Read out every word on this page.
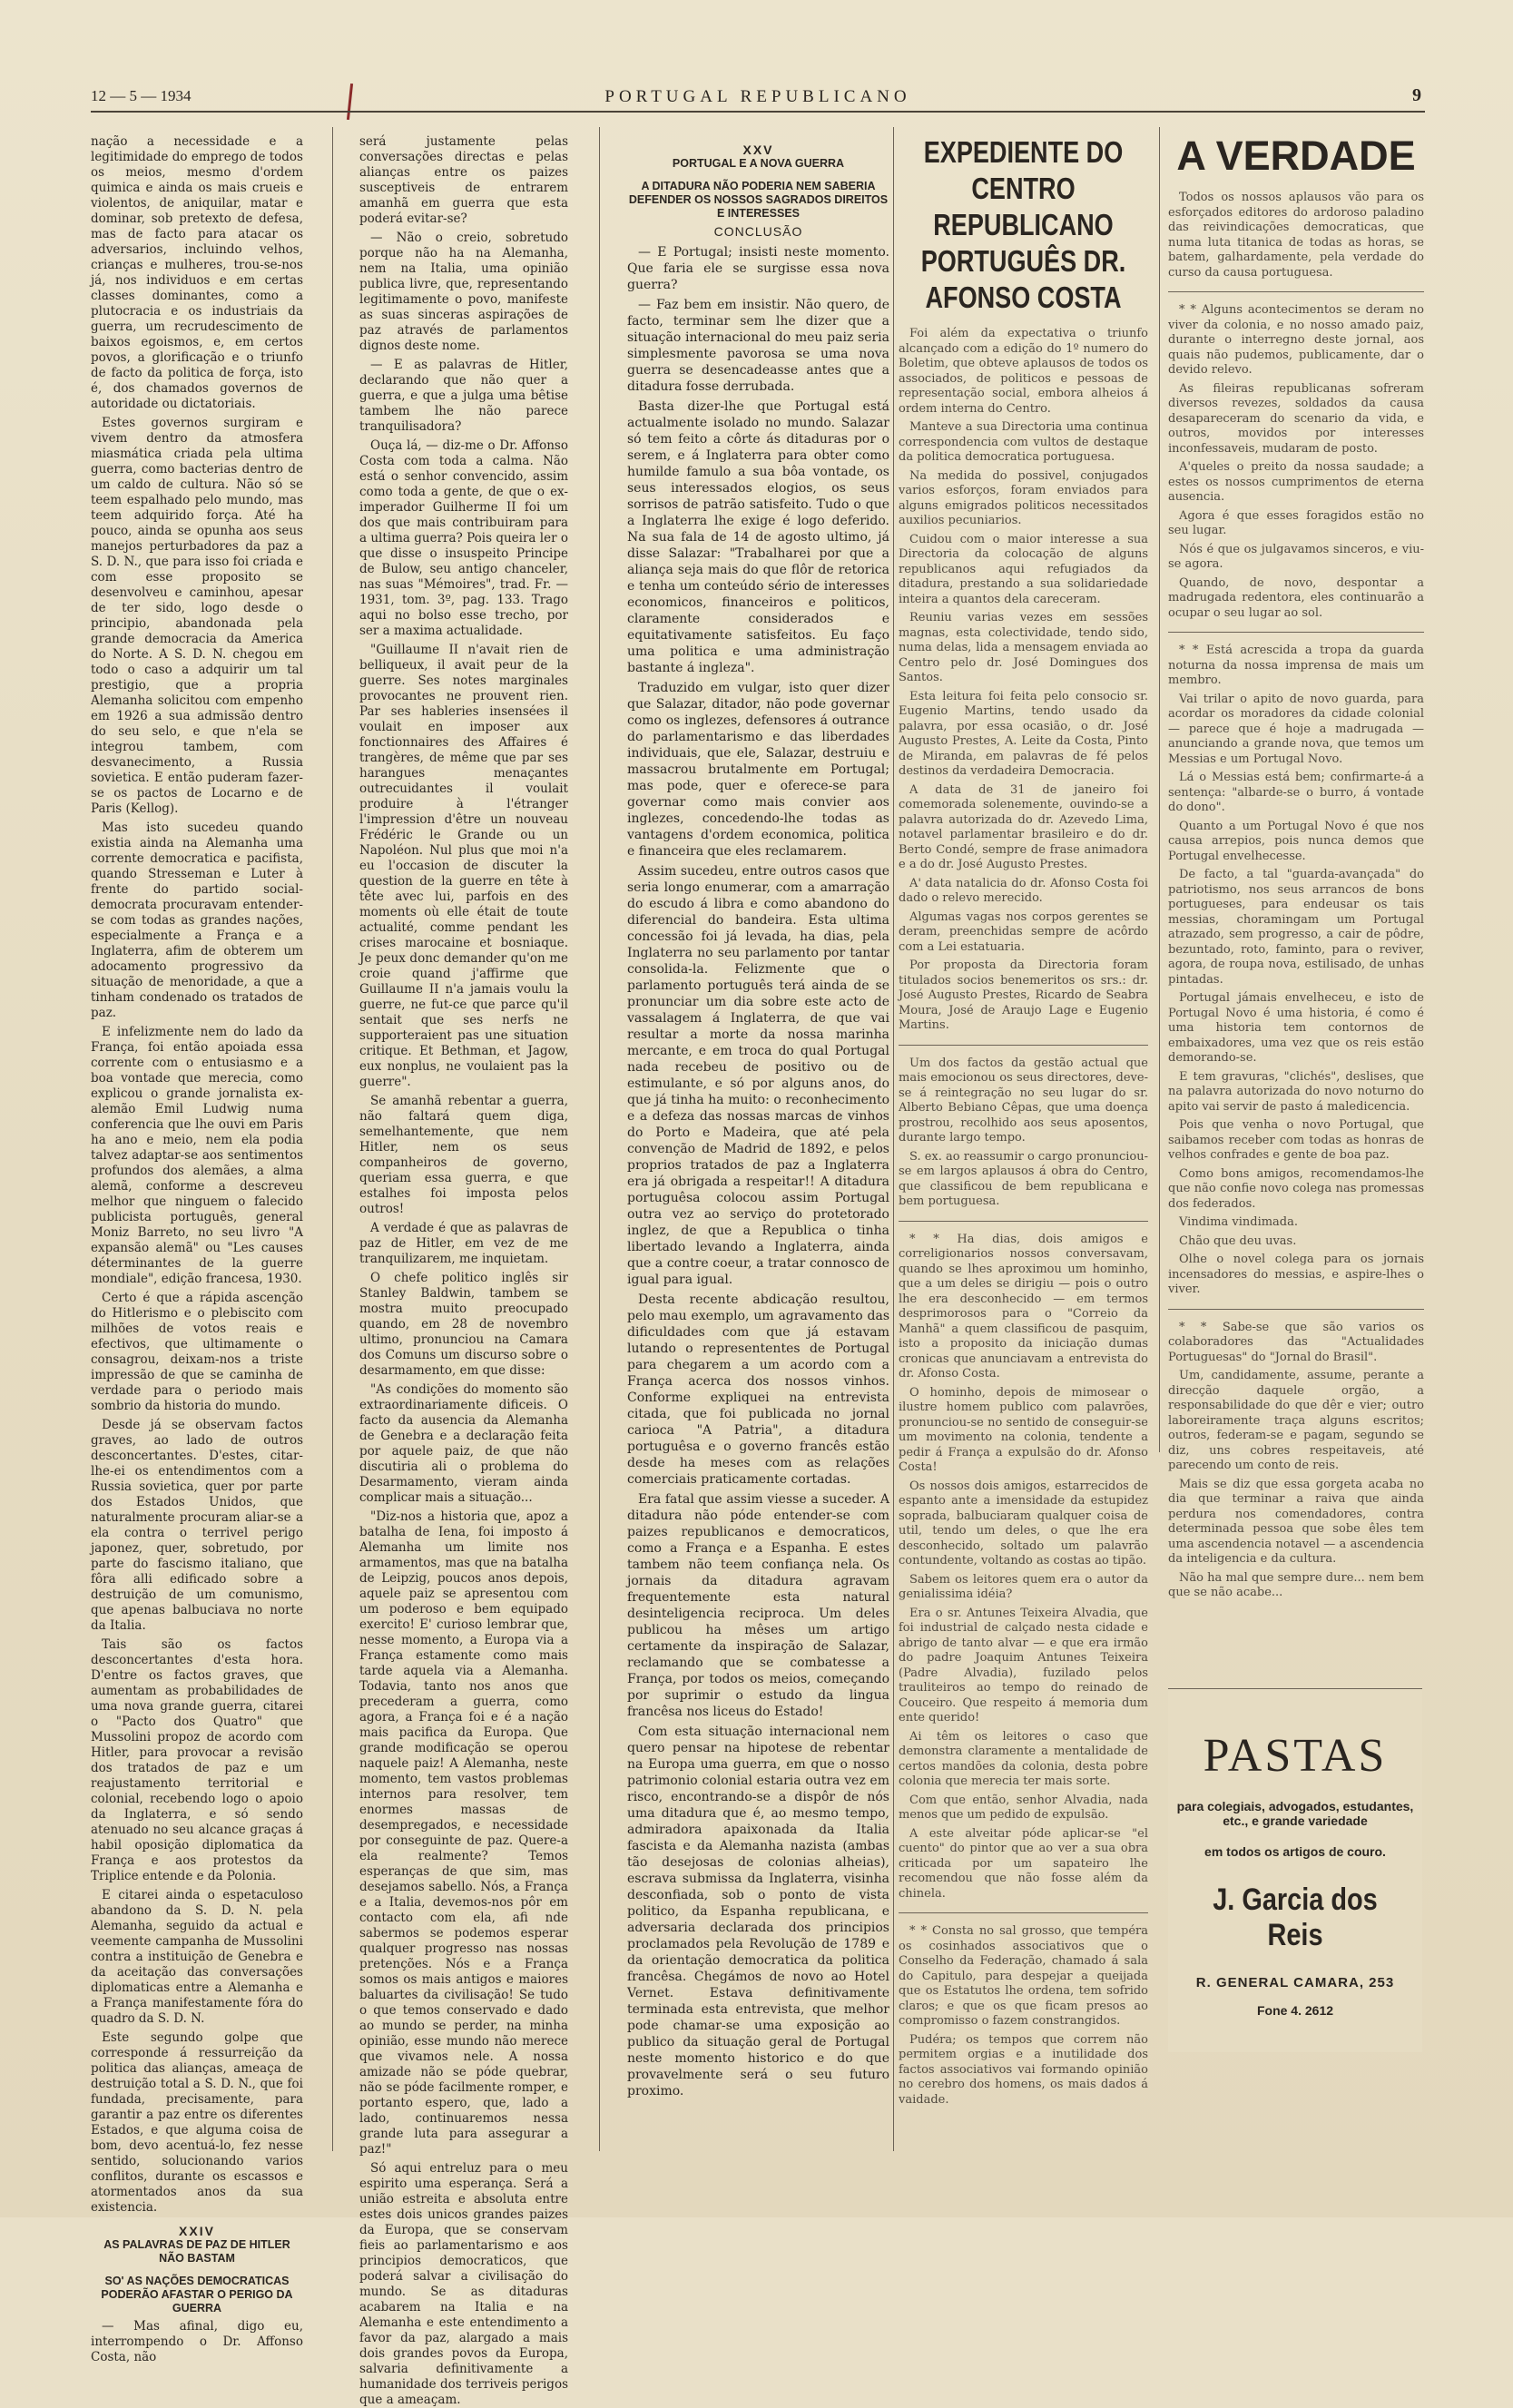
12 — 5 — 1934	PORTUGAL REPUBLICANO	9

nação a necessidade e a legitimidade do emprego de todos os meios, mesmo d'ordem quimica e ainda os mais crueis e violentos, de aniquilar, matar e dominar, sob pretexto de defesa, mas de facto para atacar os adversarios, incluindo velhos, crianças e mulheres, trou-se-nos já, nos individuos e em certas classes dominantes, como a plutocracia e os industriais da guerra, um recrudescimento de baixos egoismos, e, em certos povos, a glorificação e o triunfo de facto da politica de força, isto é, dos chamados governos de autoridade ou dictatoriais.

Estes governos surgiram e vivem dentro da atmosfera miasmática criada pela ultima guerra, como bacterias dentro de um caldo de cultura. Não só se teem espalhado pelo mundo, mas teem adquirido força. Até ha pouco, ainda se opunha aos seus manejos perturbadores da paz a S. D. N., que para isso foi criada e com esse proposito se desenvolveu e caminhou, apesar de ter sido, logo desde o principio, abandonada pela grande democracia da America do Norte. A S. D. N. chegou em todo o caso a adquirir um tal prestigio, que a propria Alemanha solicitou com empenho em 1926 a sua admissão dentro do seu selo, e que n'ela se integrou tambem, com desvanecimento, a Russia sovietica. E então puderam fazer-se os pactos de Locarno e de Paris (Kellog).

Mas isto sucedeu quando existia ainda na Alemanha uma corrente democratica e pacifista, quando Stresseman e Luter à frente do partido social-democrata procuravam entender-se com todas as grandes nações, especialmente a França e a Inglaterra, afim de obterem um adocamento progressivo da situação de menoridade, a que a tinham condenado os tratados de paz.

E infelizmente nem do lado da França, foi então apoiada essa corrente com o entusiasmo e a boa vontade que merecia, como explicou o grande jornalista ex-alemão Emil Ludwig numa conferencia que lhe ouvi em Paris ha ano e meio, nem ela podia talvez adaptar-se aos sentimentos profundos dos alemães, a alma alemã, conforme a descreveu melhor que ninguem o falecido publicista português, general Moniz Barreto, no seu livro "A expansão alemã" ou "Les causes déterminantes de la guerre mondiale", edição francesa, 1930.

Certo é que a rápida ascenção do Hitlerismo e o plebiscito com milhões de votos reais e efectivos, que ultimamente o consagrou, deixam-nos a triste impressão de que se caminha de verdade para o periodo mais sombrio da historia do mundo.

Desde já se observam factos graves, ao lado de outros desconcertantes. D'estes, citar-lhe-ei os entendimentos com a Russia sovietica, quer por parte dos Estados Unidos, que naturalmente procuram aliar-se a ela contra o terrivel perigo japonez, quer, sobretudo, por parte do fascismo italiano, que fôra alli edificado sobre a destruição de um comunismo, que apenas balbuciava no norte da Italia.

Tais são os factos desconcertantes d'esta hora. D'entre os factos graves, que aumentam as probabilidades de uma nova grande guerra, citarei o "Pacto dos Quatro" que Mussolini propoz de acordo com Hitler, para provocar a revisão dos tratados de paz e um reajustamento territorial e colonial, recebendo logo o apoio da Inglaterra, e só sendo atenuado no seu alcance graças á habil oposição diplomatica da França e aos protestos da Triplice entende e da Polonia.

E citarei ainda o espetaculoso abandono da S. D. N. pela Alemanha, seguido da actual e veemente campanha de Mussolini contra a instituição de Genebra e da aceitação das conversações diplomaticas entre a Alemanha e a França manifestamente fóra do quadro da S. D. N.

Este segundo golpe que corresponde á ressurreição da politica das alianças, ameaça de destruição total a S. D. N., que foi fundada, precisamente, para garantir a paz entre os diferentes Estados, e que alguma coisa de bom, devo acentuá-lo, fez nesse sentido, solucionando varios conflitos, durante os escassos e atormentados anos da sua existencia.

XXIV
AS PALAVRAS DE PAZ DE HITLER NÃO BASTAM
SO' AS NAÇÕES DEMOCRATICAS PODERÃO AFASTAR O PERIGO DA GUERRA

— Mas afinal, digo eu, interrompendo o Dr. Affonso Costa, não

será justamente pelas conversações directas e pelas alianças entre os paizes susceptiveis de entrarem amanhã em guerra que esta poderá evitar-se?

— Não o creio, sobretudo porque não ha na Alemanha, nem na Italia, uma opinião publica livre, que, representando legitimamente o povo, manifeste as suas sinceras aspirações de paz através de parlamentos dignos deste nome.

— E as palavras de Hitler, declarando que não quer a guerra, e que a julga uma bêtise tambem lhe não parece tranquilisadora?

Ouça lá, — diz-me o Dr. Affonso Costa com toda a calma. Não está o senhor convencido, assim como toda a gente, de que o ex-imperador Guilherme II foi um dos que mais contribuiram para a ultima guerra? Pois queira ler o que disse o insuspeito Principe de Bulow, seu antigo chanceler, nas suas "Mémoires", trad. Fr. — 1931, tom. 3º, pag. 133. Trago aqui no bolso esse trecho, por ser a maxima actualidade.

"Guillaume II n'avait rien de belliqueux, il avait peur de la guerre. Ses notes marginales provocantes ne prouvent rien. Par ses hableries insensées il voulait en imposer aux fonctionnaires des Affaires é trangères, de même que par ses harangues menaçantes outrecuidantes il voulait produire à l'étranger l'impression d'être un nouveau Frédéric le Grande ou un Napoléon. Nul plus que moi n'a eu l'occasion de discuter la question de la guerre en tête à tête avec lui, parfois en des moments où elle était de toute actualité, comme pendant les crises marocaine et bosniaque. Je peux donc demander qu'on me croie quand j'affirme que Guillaume II n'a jamais voulu la guerre, ne fut-ce que parce qu'il sentait que ses nerfs ne supporteraient pas une situation critique. Et Bethman, et Jagow, eux nonplus, ne voulaient pas la guerre".

Se amanhã rebentar a guerra, não faltará quem diga, semelhantemente, que nem Hitler, nem os seus companheiros de governo, queriam essa guerra, e que estalhes foi imposta pelos outros!

A verdade é que as palavras de paz de Hitler, em vez de me tranquilizarem, me inquietam.

O chefe politico inglês sir Stanley Baldwin, tambem se mostra muito preocupado quando, em 28 de novembro ultimo, pronunciou na Camara dos Comuns um discurso sobre o desarmamento, em que disse:

"As condições do momento são extraordinariamente dificeis. O facto da ausencia da Alemanha de Genebra e a declaração feita por aquele paiz, de que não discutiria ali o problema do Desarmamento, vieram ainda complicar mais a situação...

"Diz-nos a historia que, apoz a batalha de Iena, foi imposto á Alemanha um limite nos armamentos, mas que na batalha de Leipzig, poucos anos depois, aquele paiz se apresentou com um poderoso e bem equipado exercito! E' curioso lembrar que, nesse momento, a Europa via a França estamente como mais tarde aquela via a Alemanha. Todavia, tanto nos anos que precederam a guerra, como agora, a França foi e é a nação mais pacifica da Europa. Que grande modificação se operou naquele paiz! A Alemanha, neste momento, tem vastos problemas internos para resolver, tem enormes massas de desempregados, e necessidade por conseguinte de paz. Quere-a ela realmente? Temos esperanças de que sim, mas desejamos sabello. Nós, a França e a Italia, devemos-nos pôr em contacto com ela, afi nde sabermos se podemos esperar qualquer progresso nas nossas pretenções. Nós e a França somos os mais antigos e maiores baluartes da civilisação! Se tudo o que temos conservado e dado ao mundo se perder, na minha opinião, esse mundo não merece que vivamos nele. A nossa amizade não se póde quebrar, não se póde facilmente romper, e portanto espero, que, lado a lado, continuaremos nessa grande luta para assegurar a paz!"

Só aqui entreluz para o meu espirito uma esperança. Será a união estreita e absoluta entre estes dois unicos grandes paizes da Europa, que se conservam fieis ao parlamentarismo e aos principios democraticos, que poderá salvar a civilisação do mundo. Se as ditaduras acabarem na Italia e na Alemanha e este entendimento a favor da paz, alargado a mais dois grandes povos da Europa, salvaria definitivamente a humanidade dos terriveis perigos que a ameaçam.

XXV
PORTUGAL E A NOVA GUERRA
A DITADURA NÃO PODERIA NEM SABERIA DEFENDER OS NOSSOS SAGRADOS DIREITOS E INTERESSES
CONCLUSÃO

— E Portugal; insisti neste momento. Que faria ele se surgisse essa nova guerra?

— Faz bem em insistir. Não quero, de facto, terminar sem lhe dizer que a situação internacional do meu paiz seria simplesmente pavorosa se uma nova guerra se desencadeasse antes que a ditadura fosse derrubada.

Basta dizer-lhe que Portugal está actualmente isolado no mundo. Salazar só tem feito a côrte ás ditaduras por o serem, e á Inglaterra para obter como humilde famulo a sua bôa vontade, os seus interessados elogios, os seus sorrisos de patrão satisfeito. Tudo o que a Inglaterra lhe exige é logo deferido. Na sua fala de 14 de agosto ultimo, já disse Salazar: "Trabalharei por que a aliança seja mais do que flôr de retorica e tenha um conteúdo sério de interesses economicos, financeiros e politicos, claramente considerados e equitativamente satisfeitos. Eu faço uma politica e uma administração bastante á ingleza".

Traduzido em vulgar, isto quer dizer que Salazar, ditador, não pode governar como os inglezes, defensores á outrance do parlamentarismo e das liberdades individuais, que ele, Salazar, destruiu e massacrou brutalmente em Portugal; mas pode, quer e oferece-se para governar como mais convier aos inglezes, concedendo-lhe todas as vantagens d'ordem economica, politica e financeira que eles reclamarem.

Assim sucedeu, entre outros casos que seria longo enumerar, com a amarração do escudo á libra e como abandono do diferencial do bandeira. Esta ultima concessão foi já levada, ha dias, pela Inglaterra no seu parlamento por tantar consolida-la. Felizmente que o parlamento português terá ainda de se pronunciar um dia sobre este acto de vassalagem á Inglaterra, de que vai resultar a morte da nossa marinha mercante, e em troca do qual Portugal nada recebeu de positivo ou de estimulante, e só por alguns anos, do que já tinha ha muito: o reconhecimento e a defeza das nossas marcas de vinhos do Porto e Madeira, que até pela convenção de Madrid de 1892, e pelos proprios tratados de paz a Inglaterra era já obrigada a respeitar!! A ditadura portuguêsa colocou assim Portugal outra vez ao serviço do protetorado inglez, de que a Republica o tinha libertado levando a Inglaterra, ainda que a contre coeur, a tratar connosco de igual para igual.

Desta recente abdicação resultou, pelo mau exemplo, um agravamento das dificuldades com que já estavam lutando o represententes de Portugal para chegarem a um acordo com a França acerca dos nossos vinhos. Conforme expliquei na entrevista citada, que foi publicada no jornal carioca "A Patria", a ditadura portuguêsa e o governo francês estão desde ha meses com as relações comerciais praticamente cortadas.

Era fatal que assim viesse a suceder. A ditadura não póde entender-se com paizes republicanos e democraticos, como a França e a Espanha. E estes tambem não teem confiança nela. Os jornais da ditadura agravam frequentemente esta natural desinteligencia reciproca. Um deles publicou ha mêses um artigo certamente da inspiração de Salazar, reclamando que se combatesse a França, por todos os meios, começando por suprimir o estudo da lingua francêsa nos liceus do Estado!

Com esta situação internacional nem quero pensar na hipotese de rebentar na Europa uma guerra, em que o nosso patrimonio colonial estaria outra vez em risco, encontrando-se a dispôr de nós uma ditadura que é, ao mesmo tempo, admiradora apaixonada da Italia fascista e da Alemanha nazista (ambas tão desejosas de colonias alheias), escrava submissa da Inglaterra, visinha desconfiada, sob o ponto de vista politico, da Espanha republicana, e adversaria declarada dos principios proclamados pela Revolução de 1789 e da orientação democratica da politica francêsa. Chegámos de novo ao Hotel Vernet. Estava definitivamente terminada esta entrevista, que melhor pode chamar-se uma exposição ao publico da situação geral de Portugal neste momento historico e do que provavelmente será o seu futuro proximo.

EXPEDIENTE DO CENTRO REPUBLICANO PORTUGUÊS DR. AFONSO COSTA

Foi além da expectativa o triunfo alcançado com a edição do 1º numero do Boletim, que obteve aplausos de todos os associados, de politicos e pessoas de representação social, embora alheios á ordem interna do Centro.

Manteve a sua Directoria uma continua correspondencia com vultos de destaque da politica democratica portuguesa.

Na medida do possivel, conjugados varios esforços, foram enviados para alguns emigrados politicos necessitados auxilios pecuniarios.

Cuidou com o maior interesse a sua Directoria da colocação de alguns republicanos aqui refugiados da ditadura, prestando a sua solidariedade inteira a quantos dela careceram.

Reuniu varias vezes em sessões magnas, esta colectividade, tendo sido, numa delas, lida a mensagem enviada ao Centro pelo dr. José Domingues dos Santos.

Esta leitura foi feita pelo consocio sr. Eugenio Martins, tendo usado da palavra, por essa ocasião, o dr. José Augusto Prestes, A. Leite da Costa, Pinto de Miranda, em palavras de fé pelos destinos da verdadeira Democracia.

A data de 31 de janeiro foi comemorada solenemente, ouvindo-se a palavra autorizada do dr. Azevedo Lima, notavel parlamentar brasileiro e do dr. Berto Condé, sempre de frase animadora e a do dr. José Augusto Prestes.

A' data natalicia do dr. Afonso Costa foi dado o relevo merecido.

Algumas vagas nos corpos gerentes se deram, preenchidas sempre de acôrdo com a Lei estatuaria.

Por proposta da Directoria foram titulados socios benemeritos os srs.: dr. José Augusto Prestes, Ricardo de Seabra Moura, José de Araujo Lage e Eugenio Martins.

Um dos factos da gestão actual que mais emocionou os seus directores, deve-se á reintegração no seu lugar do sr. Alberto Bebiano Cêpas, que uma doença prostrou, recolhido aos seus aposentos, durante largo tempo.

S. ex. ao reassumir o cargo pronunciou-se em largos aplausos á obra do Centro, que classificou de bem republicana e bem portuguesa.

* * Ha dias, dois amigos e correligionarios nossos conversavam, quando se lhes aproximou um hominho, que a um deles se dirigiu — pois o outro lhe era desconhecido — em termos desprimorosos para o "Correio da Manhã" a quem classificou de pasquim, isto a proposito da iniciação dumas cronicas que anunciavam a entrevista do dr. Afonso Costa.

O hominho, depois de mimosear o ilustre homem publico com palavrões, pronunciou-se no sentido de conseguir-se um movimento na colonia, tendente a pedir á França a expulsão do dr. Afonso Costa!

Os nossos dois amigos, estarrecidos de espanto ante a imensidade da estupidez soprada, balbuciaram qualquer coisa de util, tendo um deles, o que lhe era desconhecido, soltado um palavrão contundente, voltando as costas ao tipão.

Sabem os leitores quem era o autor da genialissima idéia?

Era o sr. Antunes Teixeira Alvadia, que foi industrial de calçado nesta cidade e abrigo de tanto alvar — e que era irmão do padre Joaquim Antunes Teixeira (Padre Alvadia), fuzilado pelos trauliteiros ao tempo do reinado de Couceiro. Que respeito á memoria dum ente querido!

Ai têm os leitores o caso que demonstra claramente a mentalidade de certos mandões da colonia, desta pobre colonia que merecia ter mais sorte.

Com que então, senhor Alvadia, nada menos que um pedido de expulsão.

A este alveitar póde aplicar-se "el cuento" do pintor que ao ver a sua obra criticada por um sapateiro lhe recomendou que não fosse além da chinela.

* * Consta no sal grosso, que tempéra os cosinhados associativos que o Conselho da Federação, chamado á sala do Capitulo, para despejar a queijada que os Estatutos lhe ordena, tem sofrido claros; e que os que ficam presos ao compromisso o fazem constrangidos.

Pudéra; os tempos que correm não permitem orgias e a inutilidade dos factos associativos vai formando opinião no cerebro dos homens, os mais dados á vaidade.

A VERDADE

Todos os nossos aplausos vão para os esforçados editores do ardoroso paladino das reivindicações democraticas, que numa luta titanica de todas as horas, se batem, galhardamente, pela verdade do curso da causa portuguesa.

* * Alguns acontecimentos se deram no viver da colonia, e no nosso amado paiz, durante o interregno deste jornal, aos quais não pudemos, publicamente, dar o devido relevo.

As fileiras republicanas sofreram diversos revezes, soldados da causa desapareceram do scenario da vida, e outros, movidos por interesses inconfessaveis, mudaram de posto.

A'queles o preito da nossa saudade; a estes os nossos cumprimentos de eterna ausencia.

Agora é que esses foragidos estão no seu lugar.

Nós é que os julgavamos sinceros, e viu-se agora.

Quando, de novo, despontar a madrugada redentora, eles continuarão a ocupar o seu lugar ao sol.

* * Está acrescida a tropa da guarda noturna da nossa imprensa de mais um membro.

Vai trilar o apito de novo guarda, para acordar os moradores da cidade colonial — parece que é hoje a madrugada — anunciando a grande nova, que temos um Messias e um Portugal Novo.

Lá o Messias está bem; confirmarte-á a sentença: "albarde-se o burro, á vontade do dono".

Quanto a um Portugal Novo é que nos causa arrepios, pois nunca demos que Portugal envelhecesse.

De facto, a tal "guarda-avançada" do patriotismo, nos seus arrancos de bons portugueses, para endeusar os tais messias, choramingam um Portugal atrazado, sem progresso, a cair de pôdre, bezuntado, roto, faminto, para o reviver, agora, de roupa nova, estilisado, de unhas pintadas.

Portugal jámais envelheceu, e isto de Portugal Novo é uma historia, é como é uma historia tem contornos de embaixadores, uma vez que os reis estão demorando-se.

E tem gravuras, "clichés", deslises, que na palavra autorizada do novo noturno do apito vai servir de pasto á maledicencia.

Pois que venha o novo Portugal, que saibamos receber com todas as honras de velhos confrades e gente de boa paz.

Como bons amigos, recomendamos-lhe que não confie novo colega nas promessas dos federados.

Vindima vindimada.

Chão que deu uvas.

Olhe o novel colega para os jornais incensadores do messias, e aspire-lhes o viver.

* * Sabe-se que são varios os colaboradores das "Actualidades Portuguesas" do "Jornal do Brasil".

Um, candidamente, assume, perante a direcção daquele orgão, a responsabilidade do que dêr e vier; outro laboreiramente traça alguns escritos; outros, federam-se e pagam, segundo se diz, uns cobres respeitaveis, até parecendo um conto de reis.

Mais se diz que essa gorgeta acaba no dia que terminar a raiva que ainda perdura nos comendadores, contra determinada pessoa que sobe êles tem uma ascendencia notavel — a ascendencia da inteligencia e da cultura.

Não ha mal que sempre dure... nem bem que se não acabe...

PASTAS
para colegiais, advogados, estudantes, etc., e grande variedade
em todos os artigos de couro.
J. Garcia dos Reis
R. GENERAL CAMARA, 253
Fone 4. 2612
